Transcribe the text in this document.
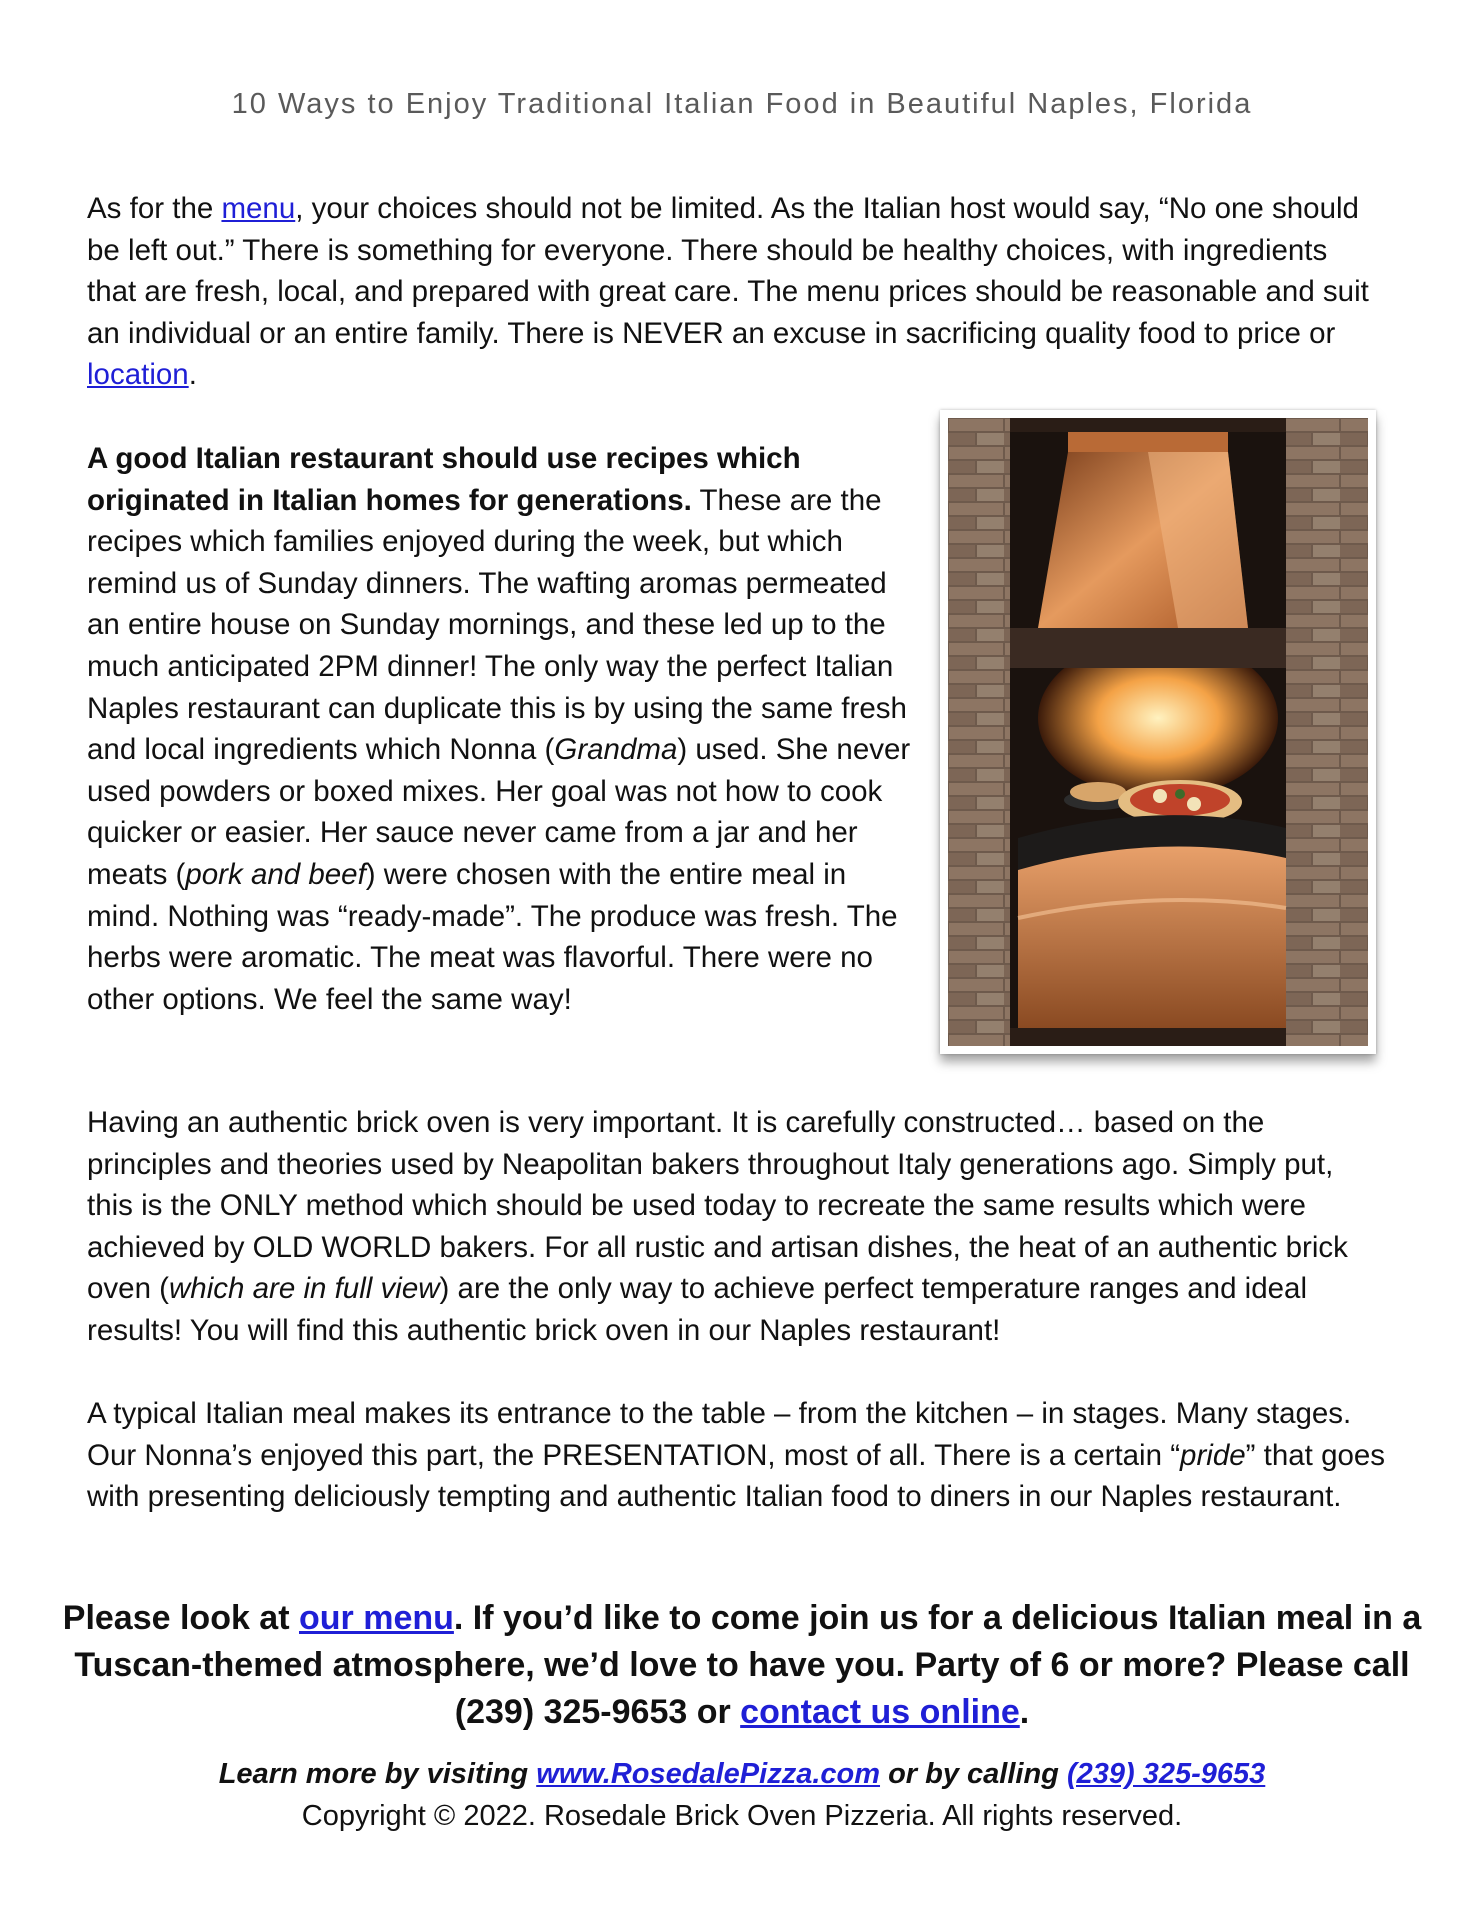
10 Ways to Enjoy Traditional Italian Food in Beautiful Naples, Florida

As for the menu, your choices should not be limited. As the Italian host would say, “No one should be left out.” There is something for everyone. There should be healthy choices, with ingredients that are fresh, local, and prepared with great care. The menu prices should be reasonable and suit an individual or an entire family. There is NEVER an excuse in sacrificing quality food to price or location.

A good Italian restaurant should use recipes which originated in Italian homes for generations. These are the recipes which families enjoyed during the week, but which remind us of Sunday dinners. The wafting aromas permeated an entire house on Sunday mornings, and these led up to the much anticipated 2PM dinner! The only way the perfect Italian Naples restaurant can duplicate this is by using the same fresh and local ingredients which Nonna (Grandma) used. She never used powders or boxed mixes. Her goal was not how to cook quicker or easier. Her sauce never came from a jar and her meats (pork and beef) were chosen with the entire meal in mind. Nothing was “ready-made”. The produce was fresh. The herbs were aromatic. The meat was flavorful. There were no other options. We feel the same way!

Having an authentic brick oven is very important. It is carefully constructed… based on the principles and theories used by Neapolitan bakers throughout Italy generations ago. Simply put, this is the ONLY method which should be used today to recreate the same results which were achieved by OLD WORLD bakers. For all rustic and artisan dishes, the heat of an authentic brick oven (which are in full view) are the only way to achieve perfect temperature ranges and ideal results! You will find this authentic brick oven in our Naples restaurant!

A typical Italian meal makes its entrance to the table – from the kitchen – in stages. Many stages. Our Nonna’s enjoyed this part, the PRESENTATION, most of all. There is a certain “pride” that goes with presenting deliciously tempting and authentic Italian food to diners in our Naples restaurant.

Please look at our menu. If you’d like to come join us for a delicious Italian meal in a Tuscan-themed atmosphere, we’d love to have you. Party of 6 or more? Please call (239) 325-9653 or contact us online.
Learn more by visiting www.RosedalePizza.com or by calling (239) 325-9653
Copyright © 2022. Rosedale Brick Oven Pizzeria. All rights reserved.
